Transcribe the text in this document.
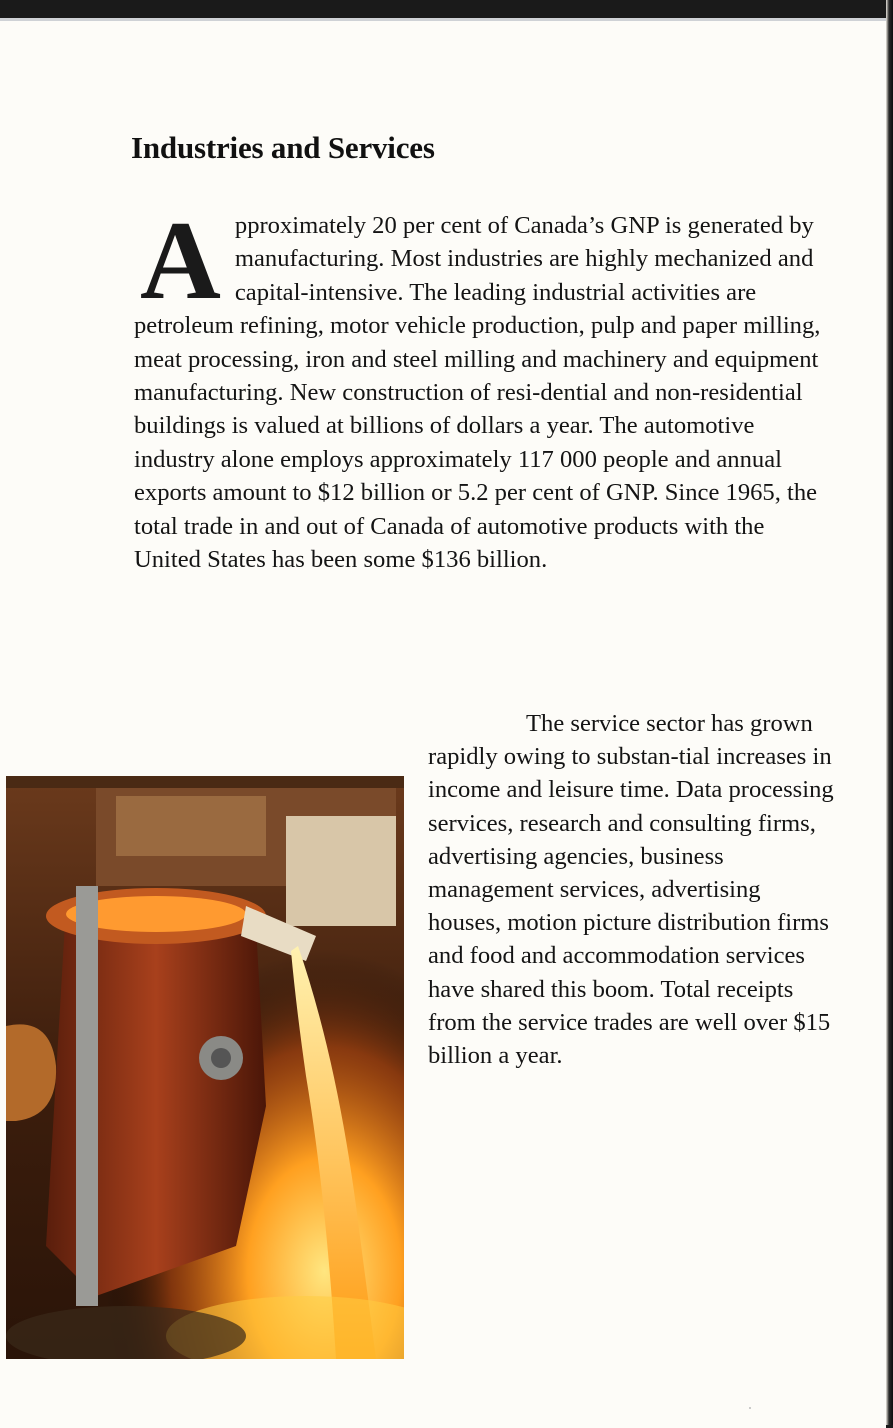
Industries and Services
A pproximately 20 per cent of Canada’s GNP is generated by manufacturing. Most industries are highly mechanized and capital-intensive. The leading industrial activities are petroleum refining, motor vehicle production, pulp and paper milling, meat processing, iron and steel milling and machinery and equipment manufacturing. New construction of resi-dential and non-residential buildings is valued at billions of dollars a year. The automotive industry alone employs approximately 117 000 people and annual exports amount to $12 billion or 5.2 per cent of GNP. Since 1965, the total trade in and out of Canada of automotive products with the United States has been some $136 billion.

The service sector has grown rapidly owing to substan-tial increases in income and leisure time. Data processing services, research and consulting firms, advertising agencies, business management services, advertising houses, motion picture distribution firms and food and accommodation services have shared this boom. Total receipts from the service trades are well over $15 billion a year.
